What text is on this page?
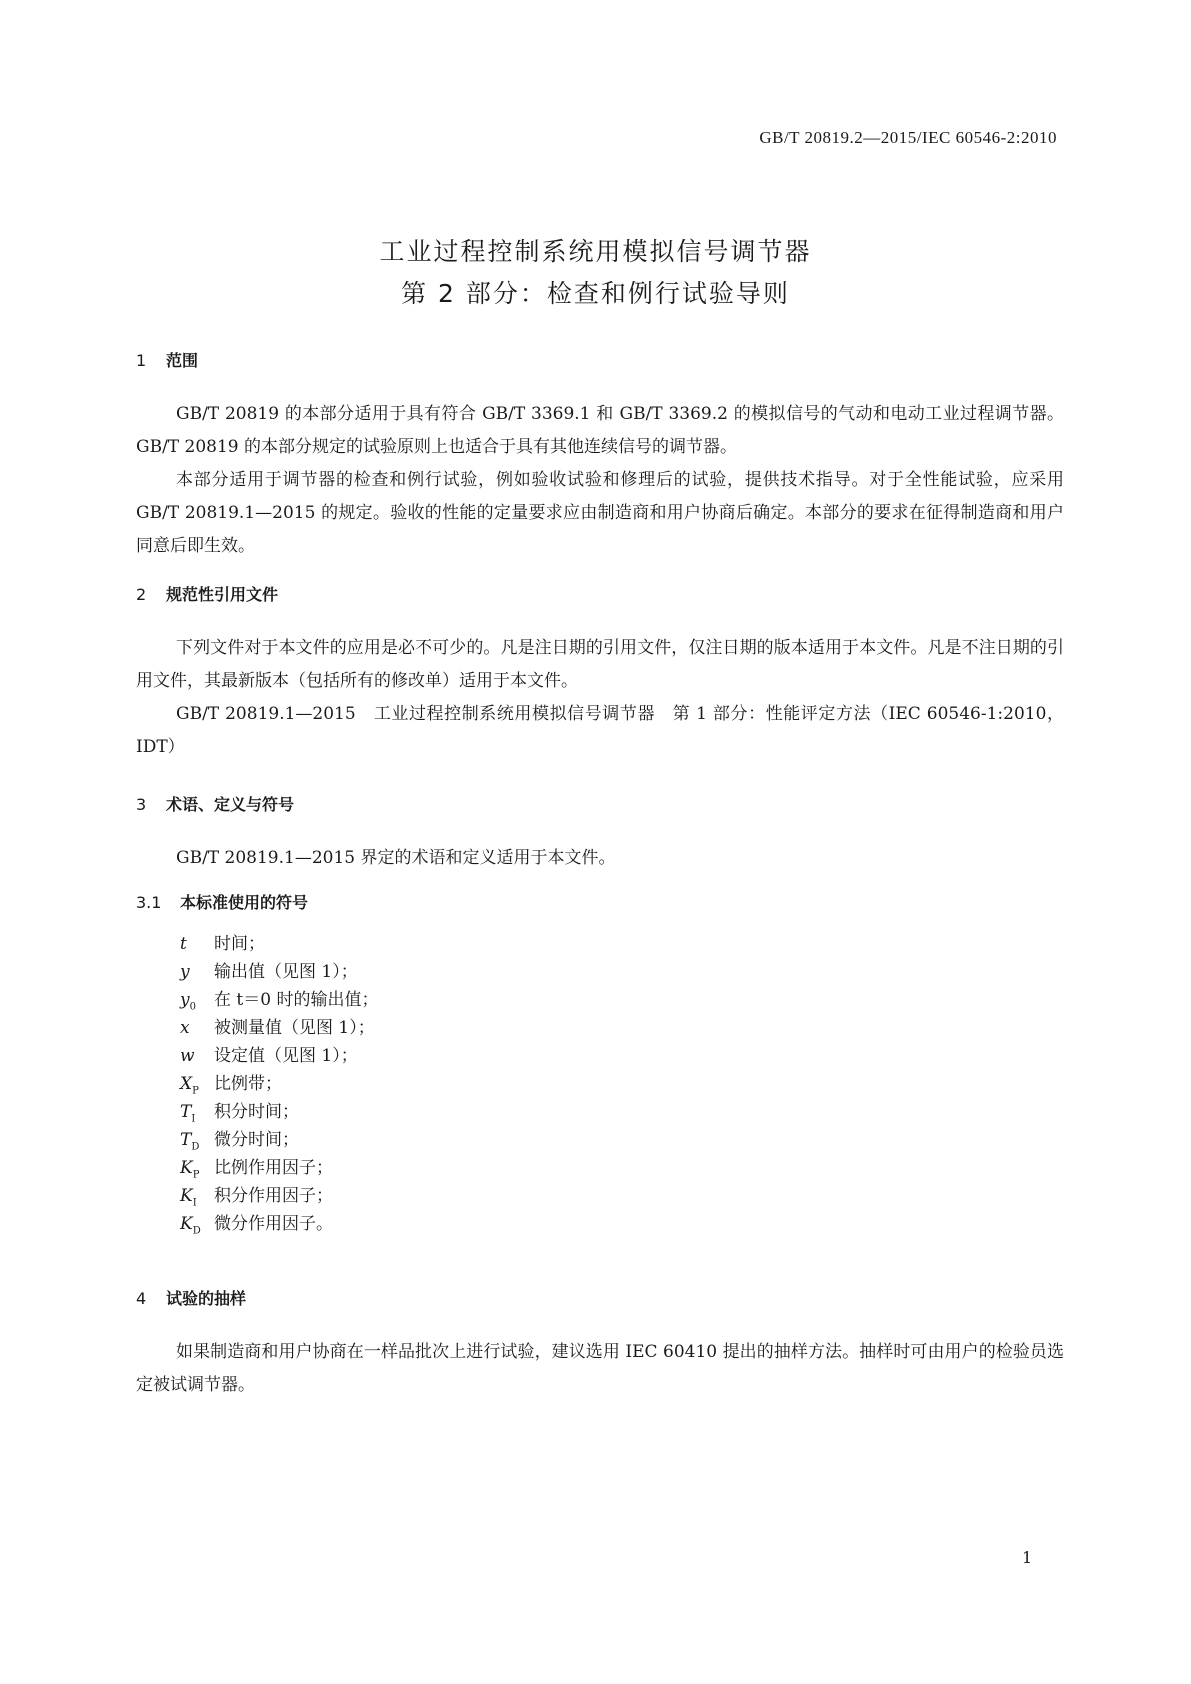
GB/T 20819.2—2015/IEC 60546-2:2010
工业过程控制系统用模拟信号调节器
第 2 部分：检查和例行试验导则
1 范围
GB/T 20819 的本部分适用于具有符合 GB/T 3369.1 和 GB/T 3369.2 的模拟信号的气动和电动工业过程调节器。GB/T 20819 的本部分规定的试验原则上也适合于具有其他连续信号的调节器。
本部分适用于调节器的检查和例行试验，例如验收试验和修理后的试验，提供技术指导。对于全性能试验，应采用 GB/T 20819.1—2015 的规定。验收的性能的定量要求应由制造商和用户协商后确定。本部分的要求在征得制造商和用户同意后即生效。
2 规范性引用文件
下列文件对于本文件的应用是必不可少的。凡是注日期的引用文件，仅注日期的版本适用于本文件。凡是不注日期的引用文件，其最新版本（包括所有的修改单）适用于本文件。
GB/T 20819.1—2015　工业过程控制系统用模拟信号调节器　第 1 部分：性能评定方法（IEC 60546-1:2010，IDT）
3 术语、定义与符号
GB/T 20819.1—2015 界定的术语和定义适用于本文件。
3.1 本标准使用的符号
t 时间；
y 输出值（见图 1）；
$y_0$ 在 t＝0 时的输出值；
x 被测量值（见图 1）；
w 设定值（见图 1）；
$X_P$ 比例带；
$T_I$ 积分时间；
$T_D$ 微分时间；
$K_P$ 比例作用因子；
$K_I$ 积分作用因子；
$K_D$ 微分作用因子。
4 试验的抽样
如果制造商和用户协商在一样品批次上进行试验，建议选用 IEC 60410 提出的抽样方法。抽样时可由用户的检验员选定被试调节器。
1
